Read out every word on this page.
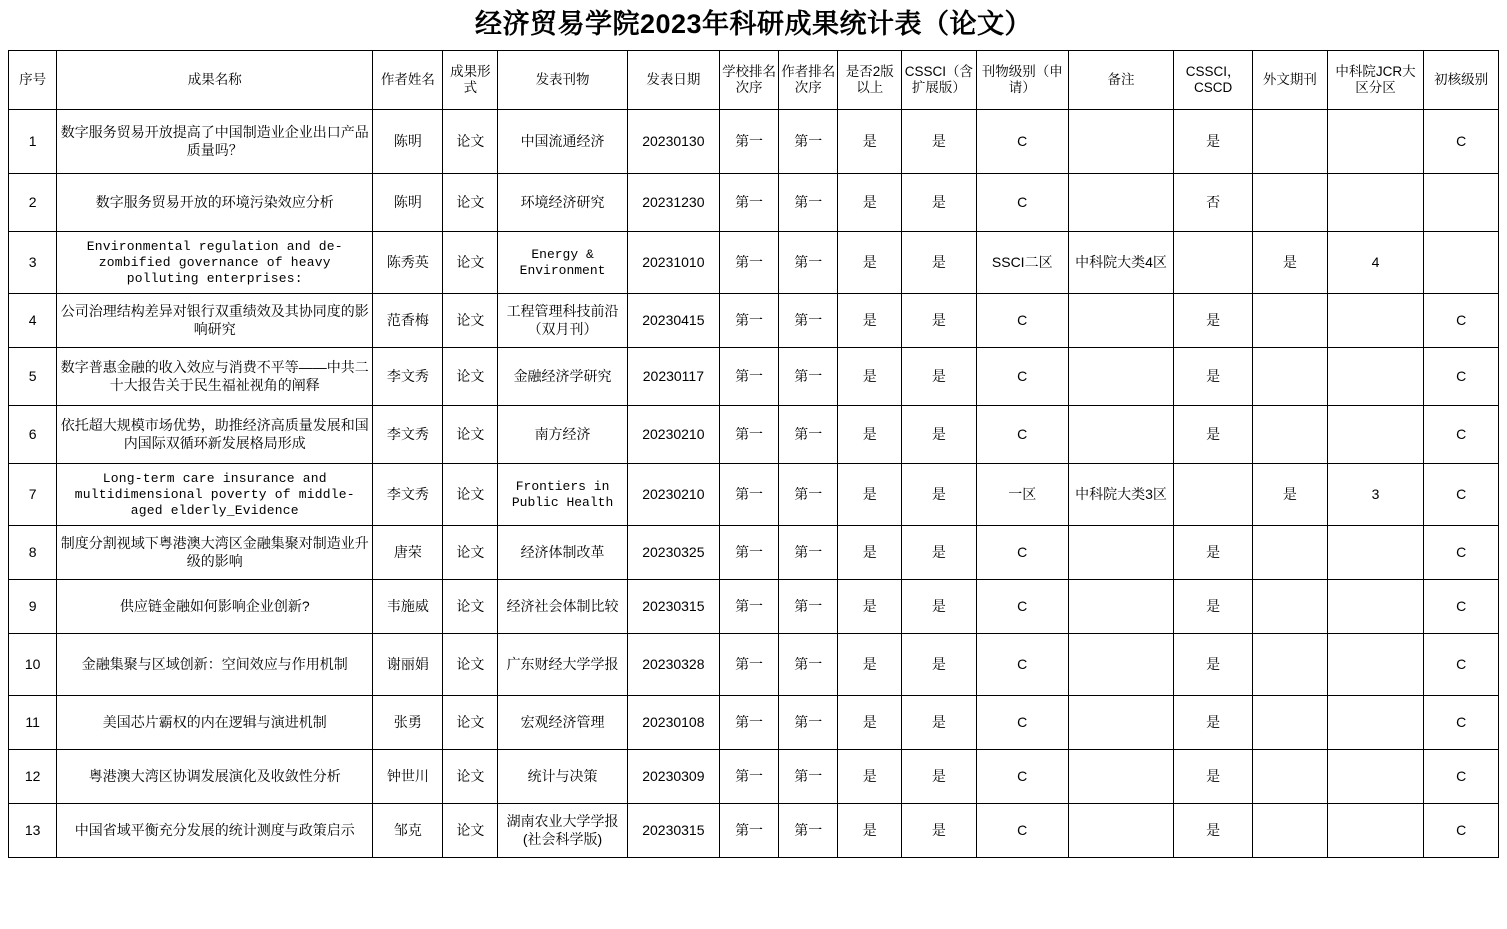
经济贸易学院2023年科研成果统计表（论文）
序号	成果名称	作者姓名	成果形式	发表刊物	发表日期	学校排名次序	作者排名次序	是否2版以上	CSSCI（含扩展版）	刊物级别（申请）	备注	CSSCI，CSCD	外文期刊	中科院JCR大区分区	初核级别
1	数字服务贸易开放提高了中国制造业企业出口产品质量吗？	陈明	论文	中国流通经济	20230130	第一	第一	是	是	C		是			C
2	数字服务贸易开放的环境污染效应分析	陈明	论文	环境经济研究	20231230	第一	第一	是	是	C		否			
3	Environmental regulation and de-zombified governance of heavy polluting enterprises:	陈秀英	论文	Energy & Environment	20231010	第一	第一	是	是	SSCI二区	中科院大类4区		是	4	
4	公司治理结构差异对银行双重绩效及其协同度的影响研究	范香梅	论文	工程管理科技前沿（双月刊）	20230415	第一	第一	是	是	C		是			C
5	数字普惠金融的收入效应与消费不平等——中共二十大报告关于民生福祉视角的阐释	李文秀	论文	金融经济学研究	20230117	第一	第一	是	是	C		是			C
6	依托超大规模市场优势，助推经济高质量发展和国内国际双循环新发展格局形成	李文秀	论文	南方经济	20230210	第一	第一	是	是	C		是			C
7	Long-term care insurance and multidimensional poverty of middle-aged elderly_Evidence	李文秀	论文	Frontiers in Public Health	20230210	第一	第一	是	是	一区	中科院大类3区		是	3	C
8	制度分割视域下粤港澳大湾区金融集聚对制造业升级的影响	唐荣	论文	经济体制改革	20230325	第一	第一	是	是	C		是			C
9	供应链金融如何影响企业创新?	韦施威	论文	经济社会体制比较	20230315	第一	第一	是	是	C		是			C
10	金融集聚与区域创新：空间效应与作用机制	谢丽娟	论文	广东财经大学学报	20230328	第一	第一	是	是	C		是			C
11	美国芯片霸权的内在逻辑与演进机制	张勇	论文	宏观经济管理	20230108	第一	第一	是	是	C		是			C
12	粤港澳大湾区协调发展演化及收敛性分析	钟世川	论文	统计与决策	20230309	第一	第一	是	是	C		是			C
13	中国省域平衡充分发展的统计测度与政策启示	邹克	论文	湖南农业大学学报(社会科学版)	20230315	第一	第一	是	是	C		是			C
